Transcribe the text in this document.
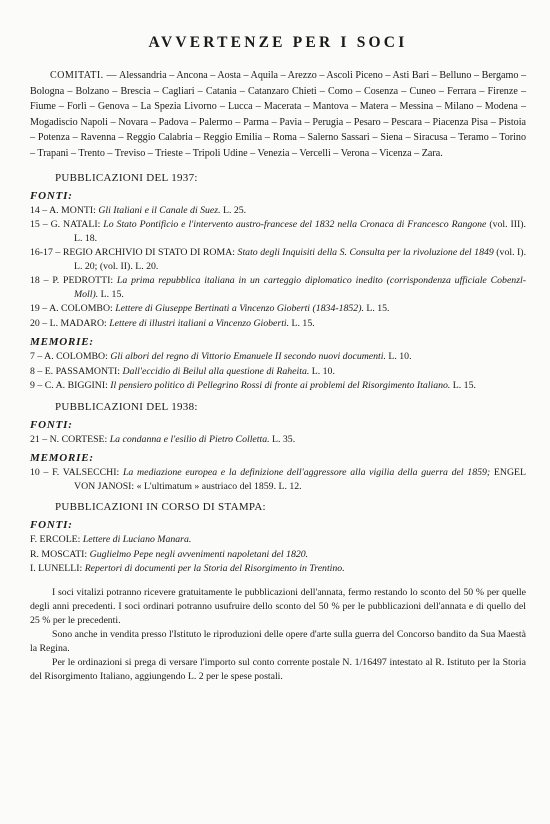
AVVERTENZE PER I SOCI

COMITATI. — Alessandria – Ancona – Aosta – Aquila – Arezzo – Ascoli Piceno – Asti Bari – Belluno – Bergamo – Bologna – Bolzano – Brescia – Cagliari – Catania – Catanzaro Chieti – Como – Cosenza – Cuneo – Ferrara – Firenze – Fiume – Forlì – Genova – La Spezia Livorno – Lucca – Macerata – Mantova – Matera – Messina – Milano – Modena – Mogadiscio Napoli – Novara – Padova – Palermo – Parma – Pavia – Perugia – Pesaro – Pescara – Piacenza Pisa – Pistoia – Potenza – Ravenna – Reggio Calabria – Reggio Emilia – Roma – Salerno Sassari – Siena – Siracusa – Teramo – Torino – Trapani – Trento – Treviso – Trieste – Tripoli Udine – Venezia – Vercelli – Verona – Vicenza – Zara.

PUBBLICAZIONI DEL 1937:
FONTI:
14 – A. MONTI: Gli Italiani e il Canale di Suez. L. 25.
15 – G. NATALI: Lo Stato Pontificio e l'intervento austro-francese del 1832 nella Cronaca di Francesco Rangone (vol. III). L. 18.
16-17 – REGIO ARCHIVIO DI STATO DI ROMA: Stato degli Inquisiti della S. Consulta per la rivoluzione del 1849 (vol. I). L. 20; (vol. II). L. 20.
18 – P. PEDROTTI: La prima repubblica italiana in un carteggio diplomatico inedito (corrispondenza ufficiale Cobenzl-Moll). L. 15.
19 – A. COLOMBO: Lettere di Giuseppe Bertinati a Vincenzo Gioberti (1834-1852). L. 15.
20 – L. MADARO: Lettere di illustri italiani a Vincenzo Gioberti. L. 15.
MEMORIE:
7 – A. COLOMBO: Gli albori del regno di Vittorio Emanuele II secondo nuovi documenti. L. 10.
8 – E. PASSAMONTI: Dall'eccidio di Beilul alla questione di Raheita. L. 10.
9 – C. A. BIGGINI: Il pensiero politico di Pellegrino Rossi di fronte ai problemi del Risorgimento Italiano. L. 15.
PUBBLICAZIONI DEL 1938:
FONTI:
21 – N. CORTESE: La condanna e l'esilio di Pietro Colletta. L. 35.
MEMORIE:
10 – F. VALSECCHI: La mediazione europea e la definizione dell'aggressore alla vigilia della guerra del 1859; ENGEL VON JANOSI: « L'ultimatum » austriaco del 1859. L. 12.
PUBBLICAZIONI IN CORSO DI STAMPA:
FONTI:
F. ERCOLE: Lettere di Luciano Manara.
R. MOSCATI: Guglielmo Pepe negli avvenimenti napoletani del 1820.
I. LUNELLI: Repertori di documenti per la Storia del Risorgimento in Trentino.

I soci vitalizi potranno ricevere gratuitamente le pubblicazioni dell'annata, fermo restando lo sconto del 50 % per quelle degli anni precedenti. I soci ordinari potranno usufruire dello sconto del 50 % per le pubblicazioni dell'annata e di quello del 25 % per le precedenti.

Sono anche in vendita presso l'Istituto le riproduzioni delle opere d'arte sulla guerra del Concorso bandito da Sua Maestà la Regina.

Per le ordinazioni si prega di versare l'importo sul conto corrente postale N. 1/16497 intestato al R. Istituto per la Storia del Risorgimento Italiano, aggiungendo L. 2 per le spese postali.
